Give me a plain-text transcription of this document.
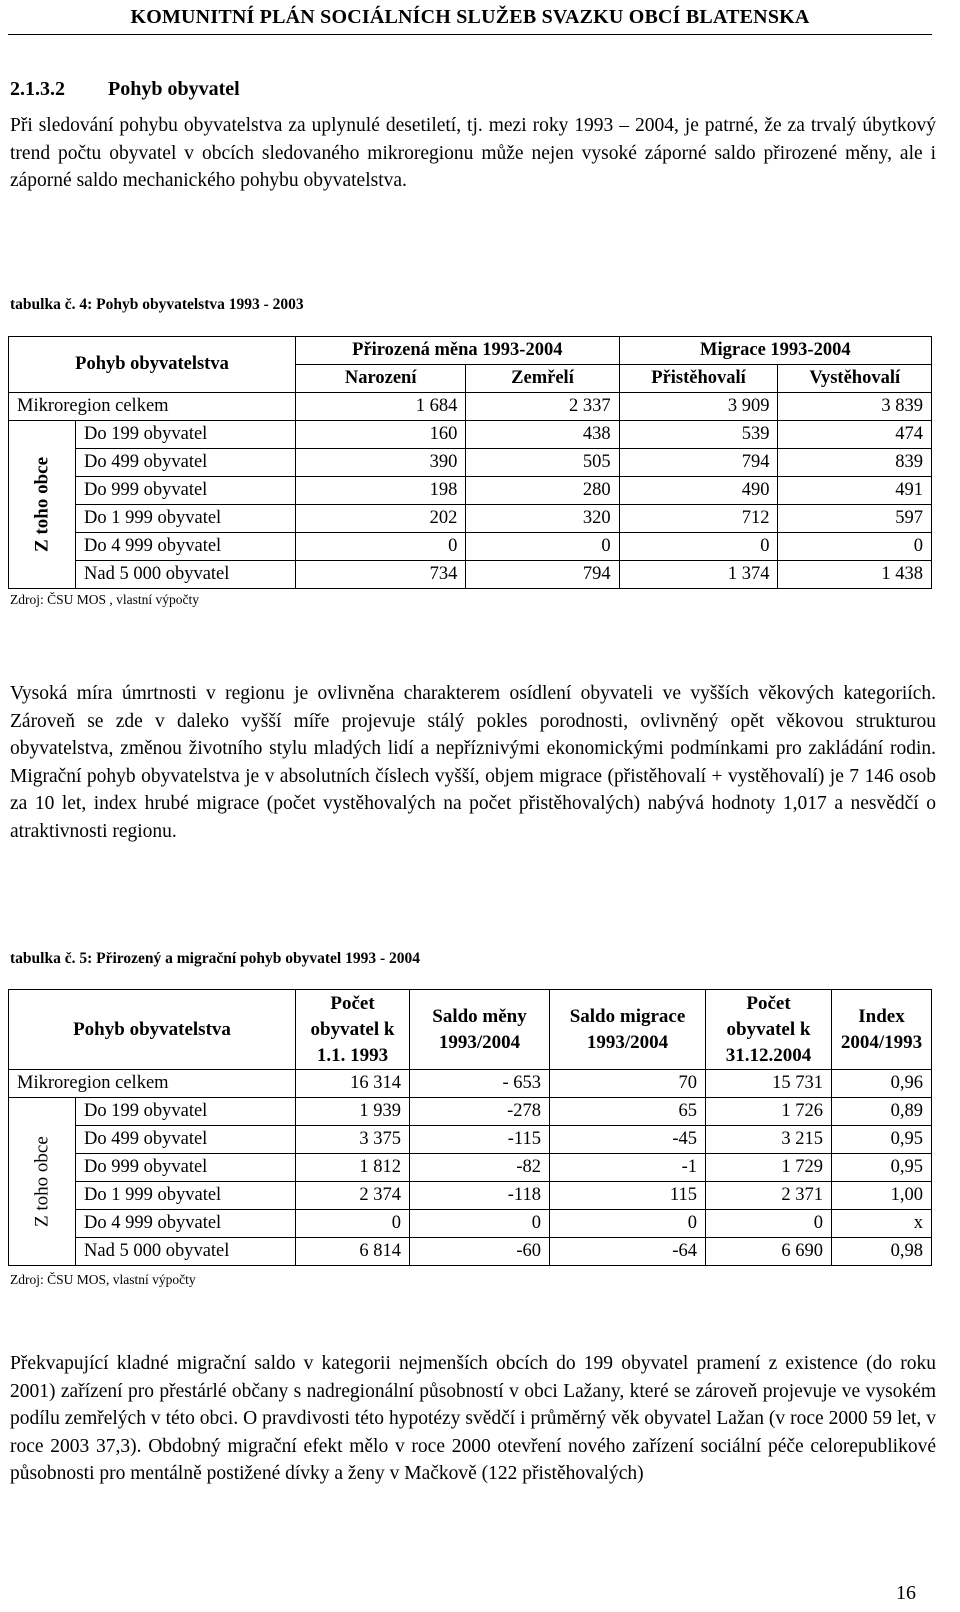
KOMUNITNÍ PLÁN SOCIÁLNÍCH SLUŽEB SVAZKU OBCÍ BLATENSKA
2.1.3.2 Pohyb obyvatel
Při sledování pohybu obyvatelstva za uplynulé desetiletí, tj. mezi roky 1993 – 2004, je patrné, že za trvalý úbytkový trend počtu obyvatel v obcích sledovaného mikroregionu může nejen vysoké záporné saldo přirozené měny, ale i záporné saldo mechanického pohybu obyvatelstva.
tabulka č. 4: Pohyb obyvatelstva 1993 - 2003
Pohyb obyvatelstva		Přirozená měna 1993-2004		Migrace 1993-2004	
		Narození	Zemřelí	Přistěhovalí	Vystěhovalí
Mikroregion celkem		1 684	2 337	3 909	3 839
Z toho obce	Do 199 obyvatel	160	438	539	474
	Do 499 obyvatel	390	505	794	839
	Do 999 obyvatel	198	280	490	491
	Do 1 999 obyvatel	202	320	712	597
	Do 4 999 obyvatel	0	0	0	0
	Nad 5 000 obyvatel	734	794	1 374	1 438
Zdroj: ČSU MOS , vlastní výpočty
Vysoká míra úmrtnosti v regionu je ovlivněna charakterem osídlení obyvateli ve vyšších věkových kategoriích. Zároveň se zde v daleko vyšší míře projevuje stálý pokles porodnosti, ovlivněný opět věkovou strukturou obyvatelstva, změnou životního stylu mladých lidí a nepříznivými ekonomickými podmínkami pro zakládání rodin. Migrační pohyb obyvatelstva je v absolutních číslech vyšší, objem migrace (přistěhovalí + vystěhovalí) je 7 146 osob za 10 let, index hrubé migrace (počet vystěhovalých na počet přistěhovalých) nabývá hodnoty 1,017 a nesvědčí o atraktivnosti regionu.
tabulka č. 5: Přirozený a migrační pohyb obyvatel 1993 - 2004
Pohyb obyvatelstva		Počet obyvatel k 1.1. 1993	Saldo měny 1993/2004	Saldo migrace 1993/2004	Počet obyvatel k 31.12.2004	Index 2004/1993
Mikroregion celkem		16 314	- 653	70	15 731	0,96
Z toho obce	Do 199 obyvatel	1 939	-278	65	1 726	0,89
	Do 499 obyvatel	3 375	-115	-45	3 215	0,95
	Do 999 obyvatel	1 812	-82	-1	1 729	0,95
	Do 1 999 obyvatel	2 374	-118	115	2 371	1,00
	Do 4 999 obyvatel	0	0	0	0	x
	Nad 5 000 obyvatel	6 814	-60	-64	6 690	0,98
Zdroj: ČSU MOS, vlastní výpočty
Překvapující kladné migrační saldo v kategorii nejmenších obcích do 199 obyvatel pramení z existence (do roku 2001) zařízení pro přestárlé občany s nadregionální působností v obci Lažany, které se zároveň projevuje ve vysokém podílu zemřelých v této obci. O pravdivosti této hypotézy svědčí i průměrný věk obyvatel Lažan (v roce 2000 59 let, v roce 2003 37,3). Obdobný migrační efekt mělo v roce 2000 otevření nového zařízení sociální péče celorepublikové působnosti pro mentálně postižené dívky a ženy v Mačkově (122 přistěhovalých)
16
